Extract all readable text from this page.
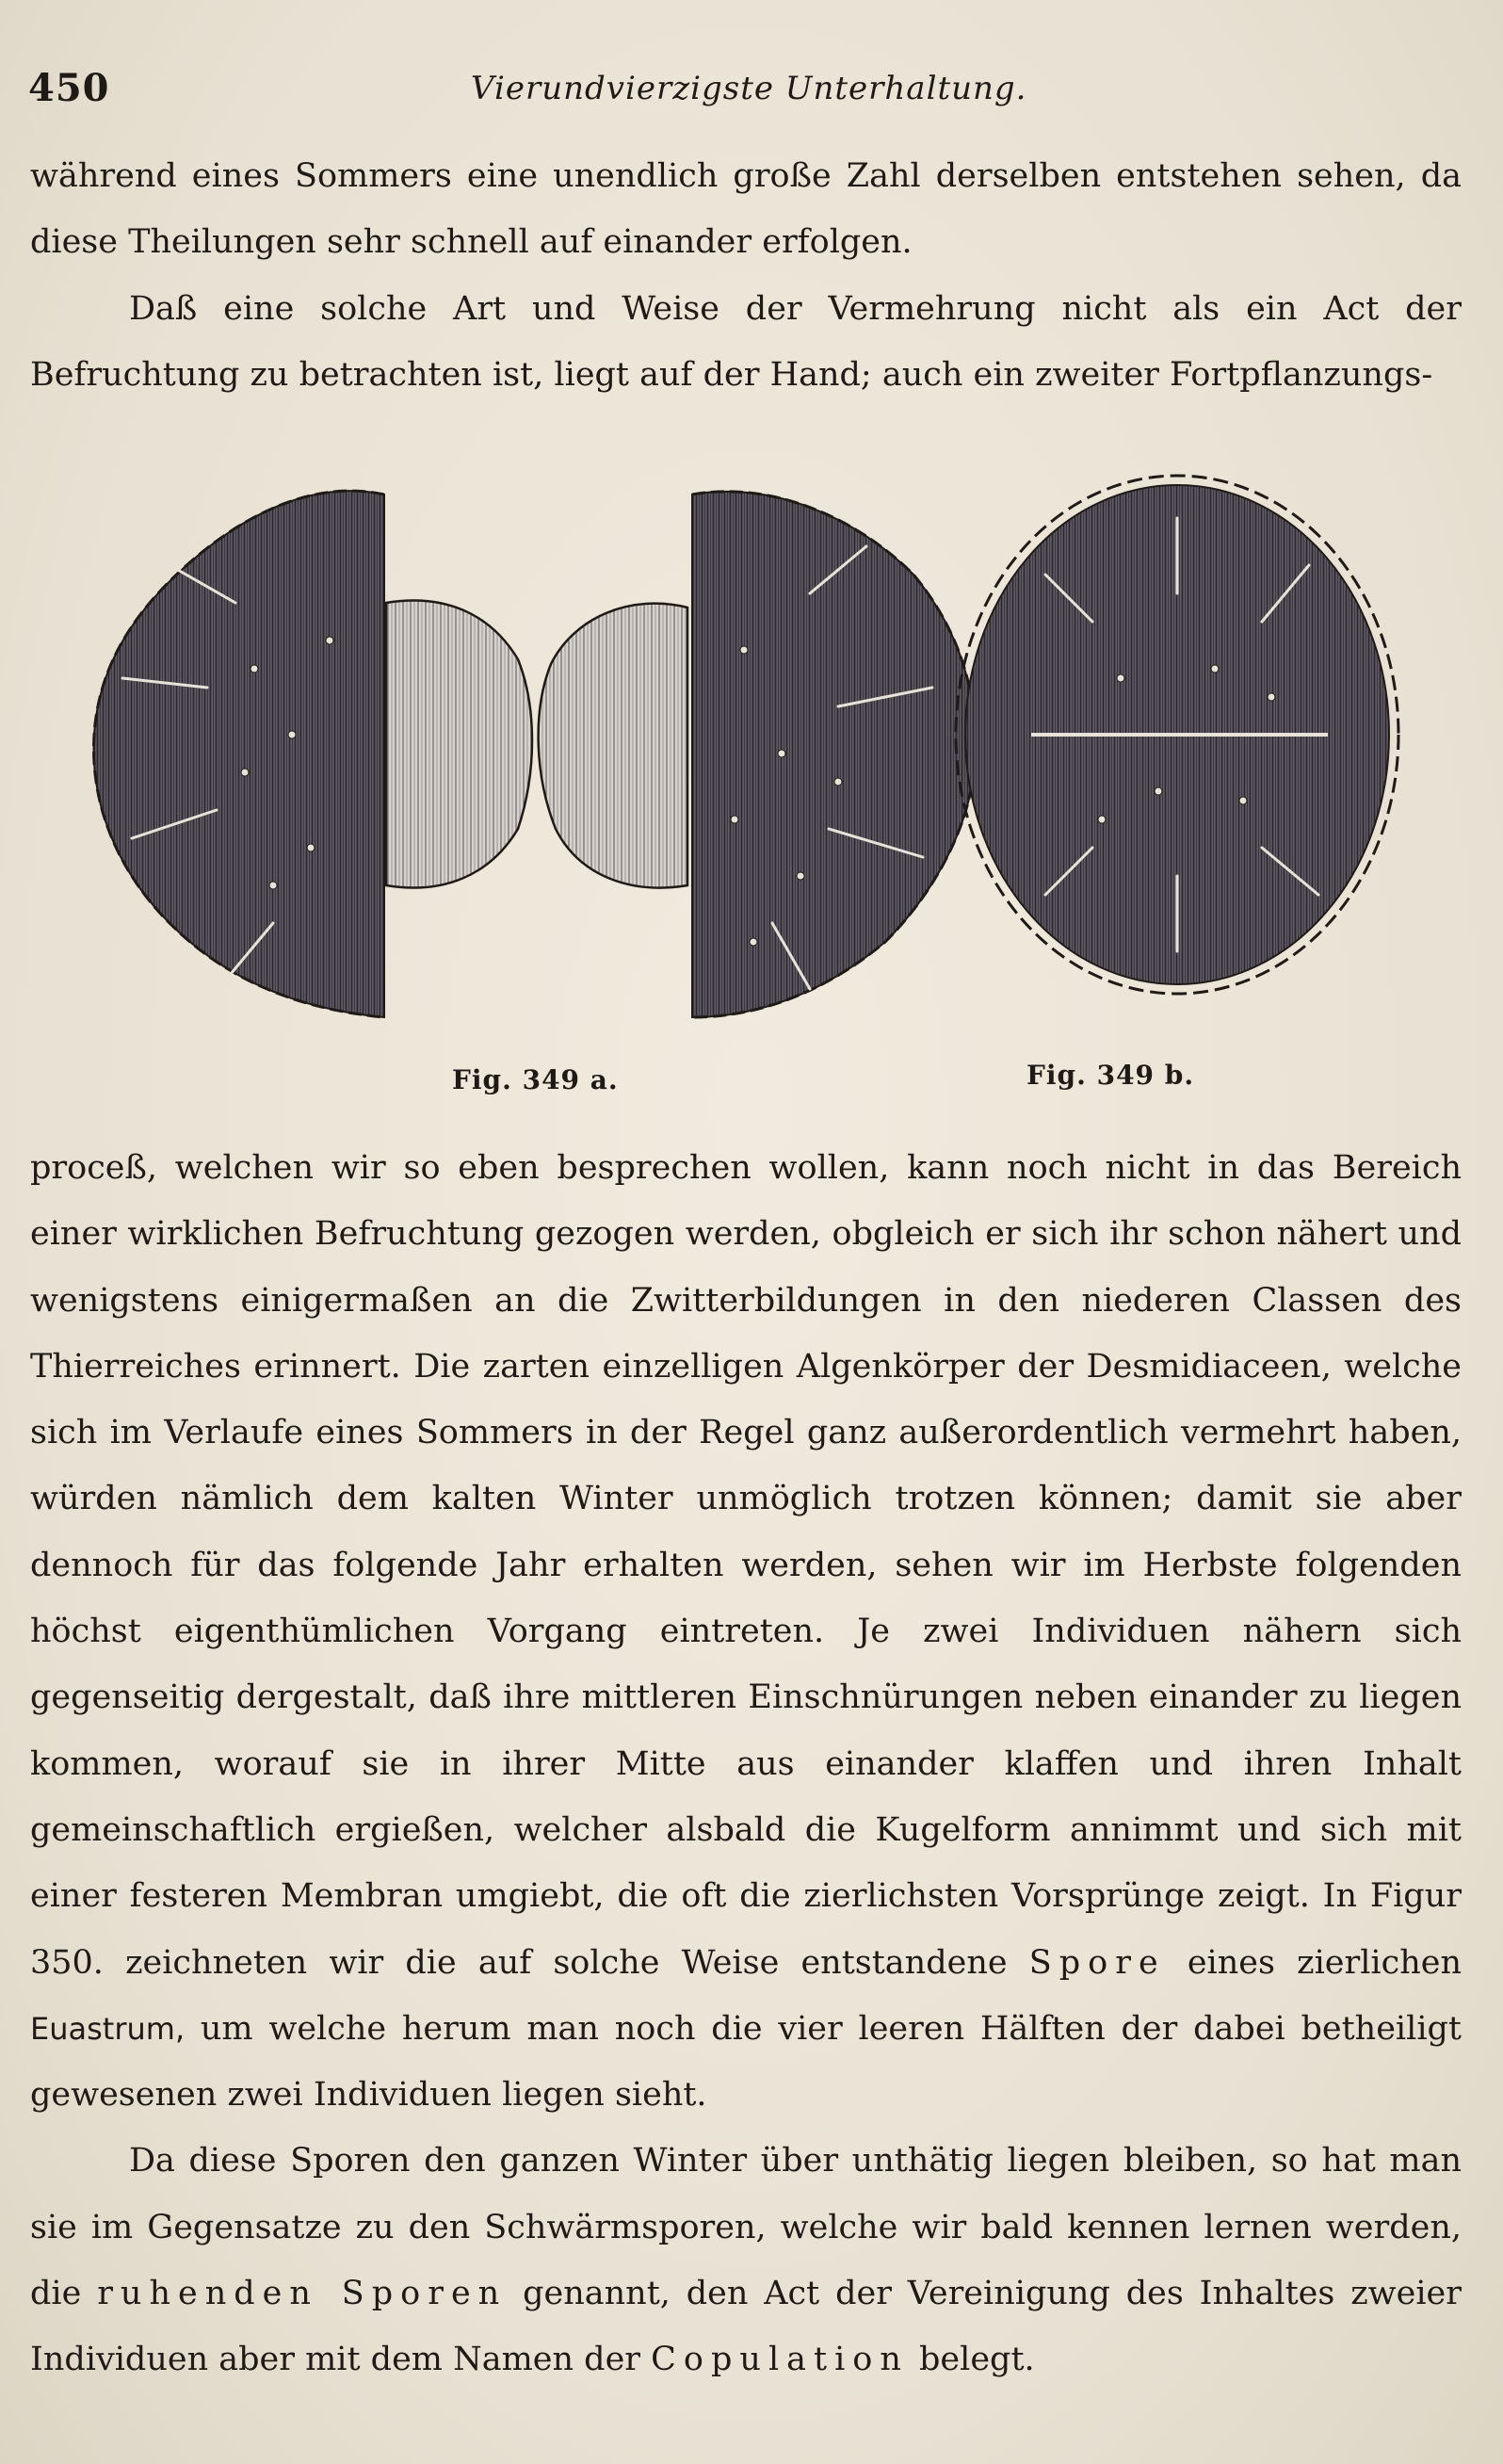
450	Vierundvierzigste Unterhaltung.

während eines Sommers eine unendlich große Zahl derselben entstehen sehen, da diese Theilungen sehr schnell auf einander erfolgen.

Daß eine solche Art und Weise der Vermehrung nicht als ein Act der Befruchtung zu betrachten ist, liegt auf der Hand; auch ein zweiter Fortpflanzungs-

Fig. 349 a.	Fig. 349 b.

proceß, welchen wir so eben besprechen wollen, kann noch nicht in das Bereich einer wirklichen Befruchtung gezogen werden, obgleich er sich ihr schon nähert und wenigstens einigermaßen an die Zwitterbildungen in den niederen Classen des Thierreiches erinnert. Die zarten einzelligen Algenkörper der Desmidiaceen, welche sich im Verlaufe eines Sommers in der Regel ganz außerordentlich vermehrt haben, würden nämlich dem kalten Winter unmöglich trotzen können; damit sie aber dennoch für das folgende Jahr erhalten werden, sehen wir im Herbste folgenden höchst eigenthümlichen Vorgang eintreten. Je zwei Individuen nähern sich gegenseitig dergestalt, daß ihre mittleren Einschnürungen neben einander zu liegen kommen, worauf sie in ihrer Mitte aus einander klaffen und ihren Inhalt gemeinschaftlich ergießen, welcher alsbald die Kugelform annimmt und sich mit einer festeren Membran umgiebt, die oft die zierlichsten Vorsprünge zeigt. In Figur 350. zeichneten wir die auf solche Weise entstandene Spore eines zierlichen Euastrum, um welche herum man noch die vier leeren Hälften der dabei betheiligt gewesenen zwei Individuen liegen sieht.

Da diese Sporen den ganzen Winter über unthätig liegen bleiben, so hat man sie im Gegensatze zu den Schwärmsporen, welche wir bald kennen lernen werden, die ruhenden Sporen genannt, den Act der Vereinigung des Inhaltes zweier Individuen aber mit dem Namen der Copulation belegt.
